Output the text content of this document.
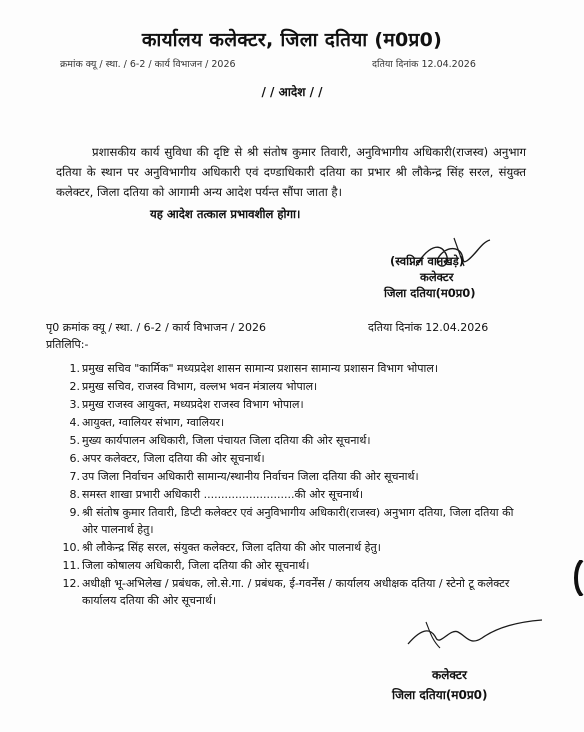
कार्यालय कलेक्टर, जिला दतिया (म0प्र0)
क्रमांक क्यू / स्था. / 6-2 / कार्य विभाजन / 2026	दतिया दिनांक 12.04.2026
/ / आदेश / /

प्रशासकीय कार्य सुविधा की दृष्टि से श्री संतोष कुमार तिवारी, अनुविभागीय अधिकारी(राजस्व) अनुभाग दतिया के स्थान पर अनुविभागीय अधिकारी एवं दण्डाधिकारी दतिया का प्रभार श्री लौकेन्द्र सिंह सरल, संयुक्त कलेक्टर, जिला दतिया को आगामी अन्य आदेश पर्यन्त सौंपा जाता है।

यह आदेश तत्काल प्रभावशील होगा।
(स्वप्निल वानखड़े)
कलेक्टर
जिला दतिया(म0प्र0)
पृ0 क्रमांक क्यू / स्था. / 6-2 / कार्य विभाजन / 2026	दतिया दिनांक 12.04.2026
प्रतिलिपि:-
1. प्रमुख सचिव "कार्मिक" मध्यप्रदेश शासन सामान्य प्रशासन सामान्य प्रशासन विभाग भोपाल।
2. प्रमुख सचिव, राजस्व विभाग, वल्लभ भवन मंत्रालय भोपाल।
3. प्रमुख राजस्व आयुक्त, मध्यप्रदेश राजस्व विभाग भोपाल।
4. आयुक्त, ग्वालियर संभाग, ग्वालियर।
5. मुख्य कार्यपालन अधिकारी, जिला पंचायत जिला दतिया की ओर सूचनार्थ।
6. अपर कलेक्टर, जिला दतिया की ओर सूचनार्थ।
7. उप जिला निर्वाचन अधिकारी सामान्य/स्थानीय निर्वाचन जिला दतिया की ओर सूचनार्थ।
8. समस्त शाखा प्रभारी अधिकारी ..........................की ओर सूचनार्थ।
9. श्री संतोष कुमार तिवारी, डिप्टी कलेक्टर एवं अनुविभागीय अधिकारी(राजस्व) अनुभाग दतिया, जिला दतिया की ओर पालनार्थ हेतु।
10. श्री लौकेन्द्र सिंह सरल, संयुक्त कलेक्टर, जिला दतिया की ओर पालनार्थ हेतु।
11. जिला कोषालय अधिकारी, जिला दतिया की ओर सूचनार्थ।
12. अधीक्षी भू-अभिलेख / प्रबंधक, लो.से.गा. / प्रबंधक, ई-गवर्नेंस / कार्यालय अधीक्षक दतिया / स्टेनो टू कलेक्टर कार्यालय दतिया की ओर सूचनार्थ।
कलेक्टर
जिला दतिया(म0प्र0)
